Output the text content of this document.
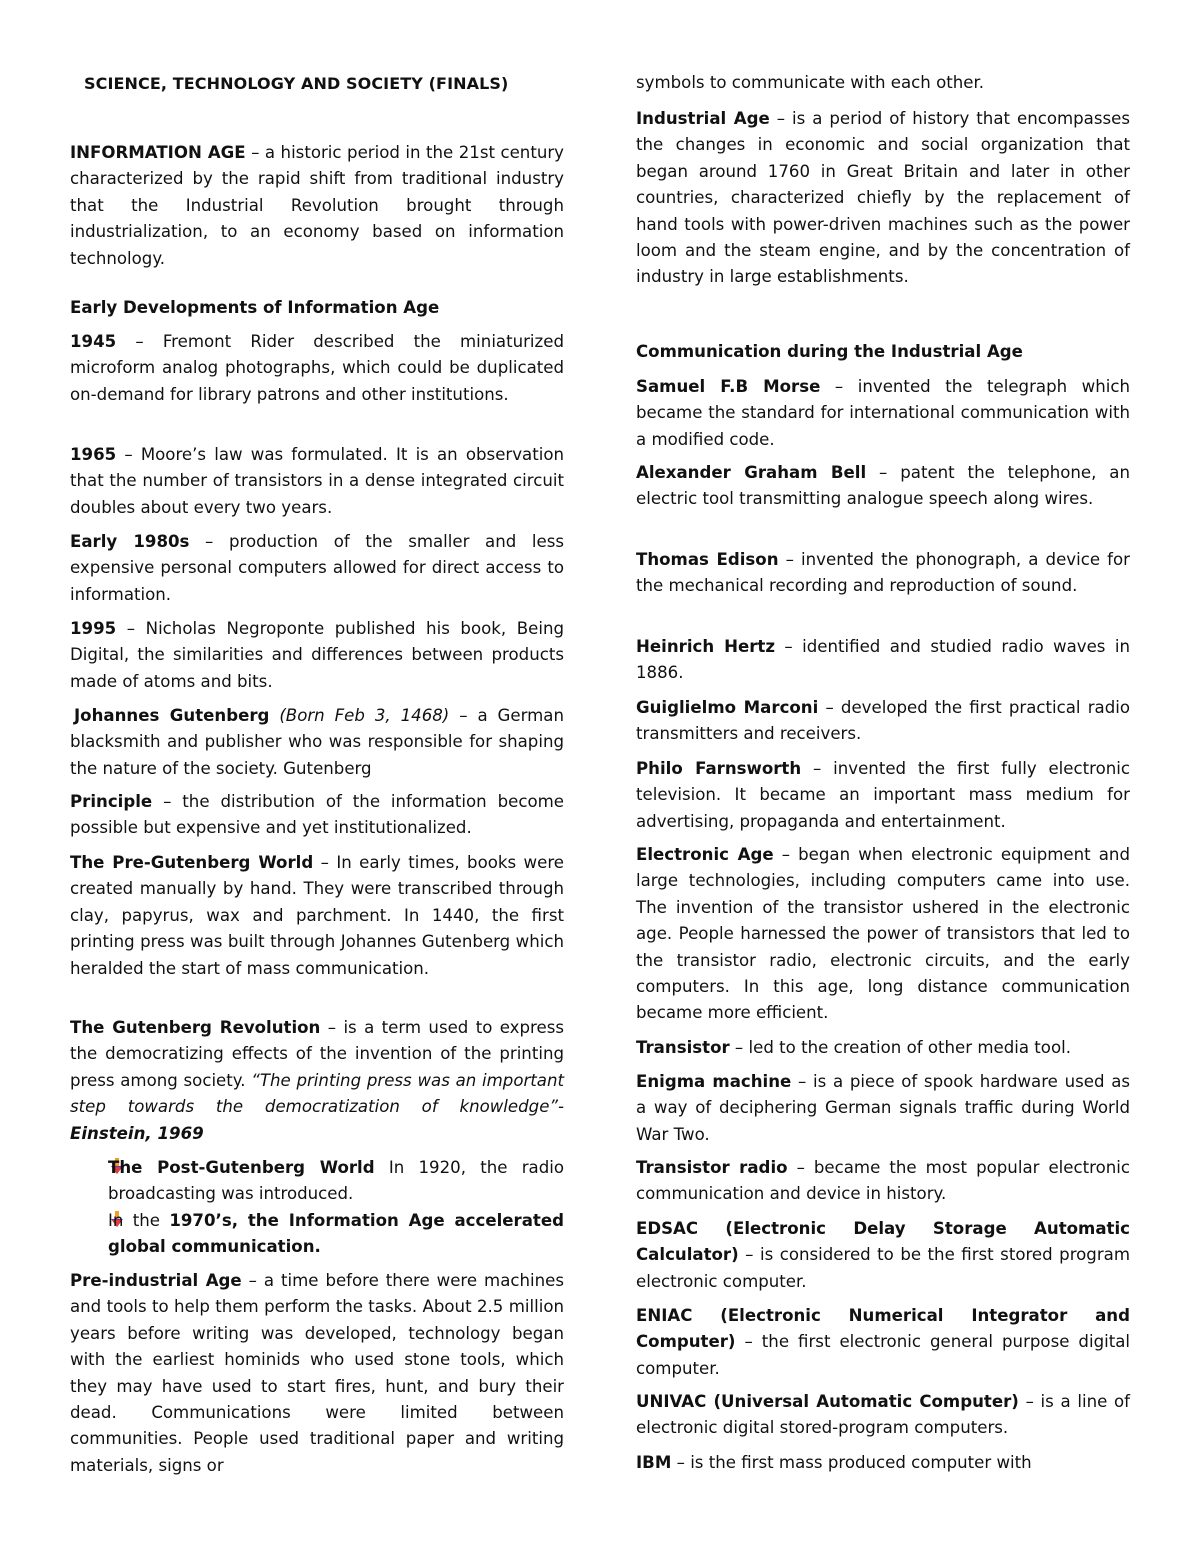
SCIENCE, TECHNOLOGY AND SOCIETY (FINALS)

INFORMATION AGE – a historic period in the 21st century characterized by the rapid shift from traditional industry that the Industrial Revolution brought through industrialization, to an economy based on information technology.

Early Developments of Information Age

1945 – Fremont Rider described the miniaturized microform analog photographs, which could be duplicated on-demand for library patrons and other institutions.

1965 – Moore’s law was formulated. It is an observation that the number of transistors in a dense integrated circuit doubles about every two years.

Early 1980s – production of the smaller and less expensive personal computers allowed for direct access to information.

1995 – Nicholas Negroponte published his book, Being Digital, the similarities and differences between products made of atoms and bits.

Johannes Gutenberg (Born Feb 3, 1468) – a German blacksmith and publisher who was responsible for shaping the nature of the society. Gutenberg

Principle – the distribution of the information become possible but expensive and yet institutionalized.

The Pre-Gutenberg World – In early times, books were created manually by hand. They were transcribed through clay, papyrus, wax and parchment. In 1440, the first printing press was built through Johannes Gutenberg which heralded the start of mass communication.

The Gutenberg Revolution – is a term used to express the democratizing effects of the invention of the printing press among society. “The printing press was an important step towards the democratization of knowledge”- Einstein, 1969

The Post-Gutenberg World In 1920, the radio broadcasting was introduced.
In the 1970’s, the Information Age accelerated global communication.

Pre-industrial Age – a time before there were machines and tools to help them perform the tasks. About 2.5 million years before writing was developed, technology began with the earliest hominids who used stone tools, which they may have used to start fires, hunt, and bury their dead. Communications were limited between communities. People used traditional paper and writing materials, signs or

symbols to communicate with each other.

Industrial Age – is a period of history that encompasses the changes in economic and social organization that began around 1760 in Great Britain and later in other countries, characterized chiefly by the replacement of hand tools with power-driven machines such as the power loom and the steam engine, and by the concentration of industry in large establishments.

Communication during the Industrial Age

Samuel F.B Morse – invented the telegraph which became the standard for international communication with a modified code.

Alexander Graham Bell – patent the telephone, an electric tool transmitting analogue speech along wires.

Thomas Edison – invented the phonograph, a device for the mechanical recording and reproduction of sound.

Heinrich Hertz – identified and studied radio waves in 1886.

Guiglielmo Marconi – developed the first practical radio transmitters and receivers.

Philo Farnsworth – invented the first fully electronic television. It became an important mass medium for advertising, propaganda and entertainment.

Electronic Age – began when electronic equipment and large technologies, including computers came into use. The invention of the transistor ushered in the electronic age. People harnessed the power of transistors that led to the transistor radio, electronic circuits, and the early computers. In this age, long distance communication became more efficient.

Transistor – led to the creation of other media tool.

Enigma machine – is a piece of spook hardware used as a way of deciphering German signals traffic during World War Two.

Transistor radio – became the most popular electronic communication and device in history.

EDSAC (Electronic Delay Storage Automatic Calculator) – is considered to be the first stored program electronic computer.

ENIAC (Electronic Numerical Integrator and Computer) – the first electronic general purpose digital computer.

UNIVAC (Universal Automatic Computer) – is a line of electronic digital stored-program computers.

IBM – is the first mass produced computer with
